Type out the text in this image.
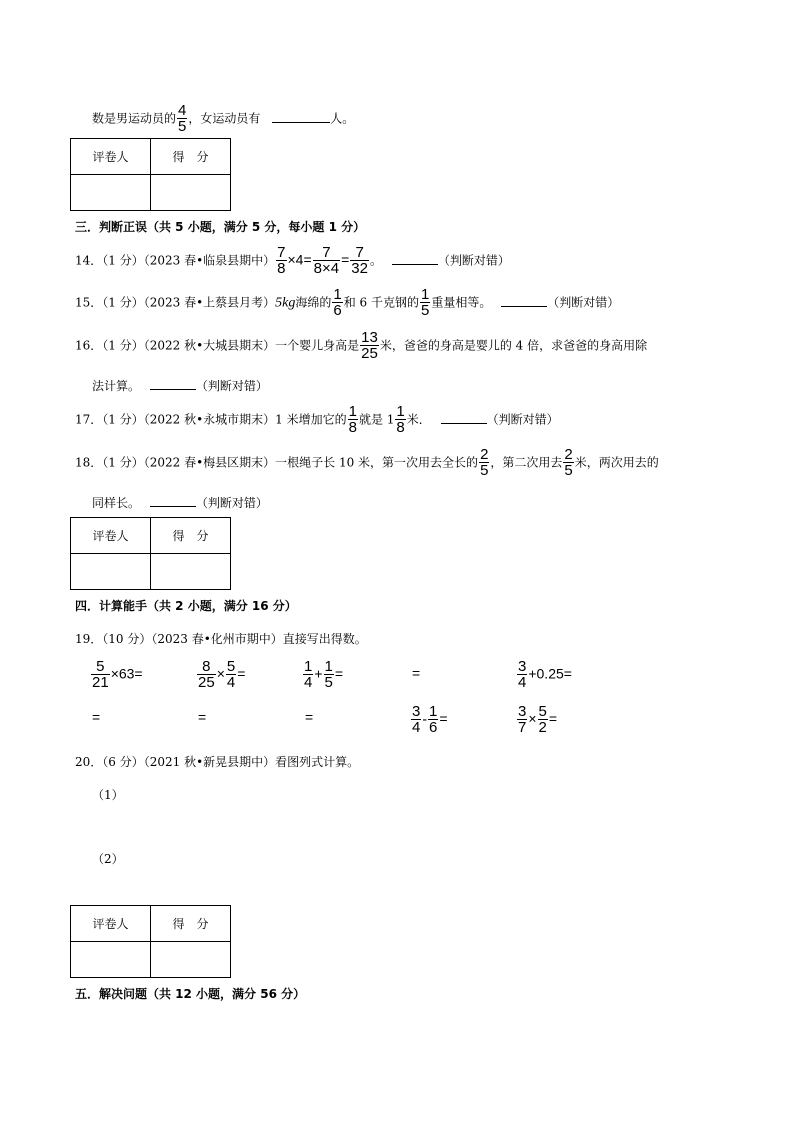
数是男运动员的 $\frac{4}{5}$ ，女运动员有	人。
评卷人	得　分

三．判断正误（共 5 小题，满分 5 分，每小题 1 分）
14．（1 分）（2023 春•临泉县期中） $\frac{7}{8} \times 4= \frac{7}{8\times 4} = \frac{7}{32}$ 。	（判断对错）
15．（1 分）（2023 春•上蔡县月考）5kg海绵的 $\frac{1}{6}$ 和 6 千克钢的 $\frac{1}{5}$ 重量相等。	（判断对错）
16．（1 分）（2022 秋•大城县期末）一个婴儿身高是 $\frac{13}{25}$ 米，爸爸的身高是婴儿的 4 倍，求爸爸的身高用除
法计算。	（判断对错）
17．（1 分）（2022 秋•永城市期末）1 米增加它的 $\frac{1}{8}$ 就是 $1 \frac{1}{8}$ 米．	（判断对错）
18．（1 分）（2022 春•梅县区期末）一根绳子长 10 米，第一次用去全长的 $\frac{2}{5}$ ，第二次用去 $\frac{2}{5}$ 米，两次用去的
同样长。	（判断对错）
评卷人	得　分

四．计算能手（共 2 小题，满分 16 分）
19．（10 分）（2023 春•化州市期中）直接写出得数。
$\frac{5}{21} \times 63=$	$\frac{8}{25} \times \frac{5}{4}$ =	$\frac{1}{4} + \frac{1}{5}$ =	=	$\frac{3}{4} +0.25=$
=	=	=	$\frac{3}{4} - \frac{1}{6}$ =	$\frac{3}{7} \times \frac{5}{2}$ =
20．（6 分）（2021 秋•新晃县期中）看图列式计算。
（1）
（2）
评卷人	得　分

五．解决问题（共 12 小题，满分 56 分）
